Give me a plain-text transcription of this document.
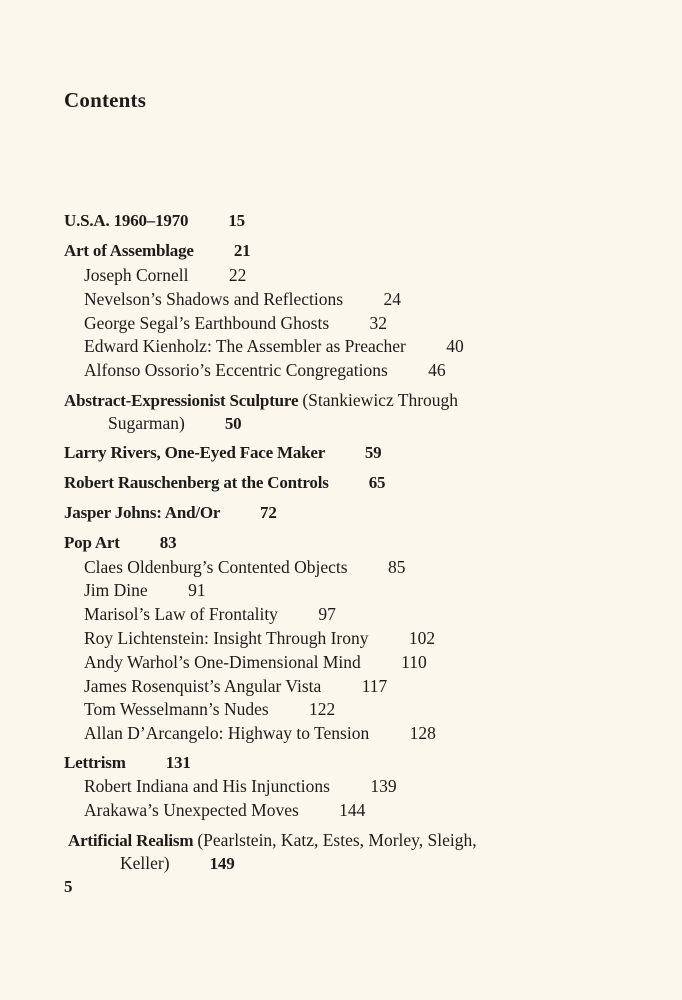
Contents
U.S.A. 1960–1970 15
Art of Assemblage 21
Joseph Cornell 22
Nevelson’s Shadows and Reflections 24
George Segal’s Earthbound Ghosts 32
Edward Kienholz: The Assembler as Preacher 40
Alfonso Ossorio’s Eccentric Congregations 46
Abstract-Expressionist Sculpture (Stankiewicz Through
Sugarman) 50
Larry Rivers, One-Eyed Face Maker 59
Robert Rauschenberg at the Controls 65
Jasper Johns: And/Or 72
Pop Art 83
Claes Oldenburg’s Contented Objects 85
Jim Dine 91
Marisol’s Law of Frontality 97
Roy Lichtenstein: Insight Through Irony 102
Andy Warhol’s One-Dimensional Mind 110
James Rosenquist’s Angular Vista 117
Tom Wesselmann’s Nudes 122
Allan D’Arcangelo: Highway to Tension 128
Lettrism 131
Robert Indiana and His Injunctions 139
Arakawa’s Unexpected Moves 144
Artificial Realism (Pearlstein, Katz, Estes, Morley, Sleigh,
Keller) 149
5
